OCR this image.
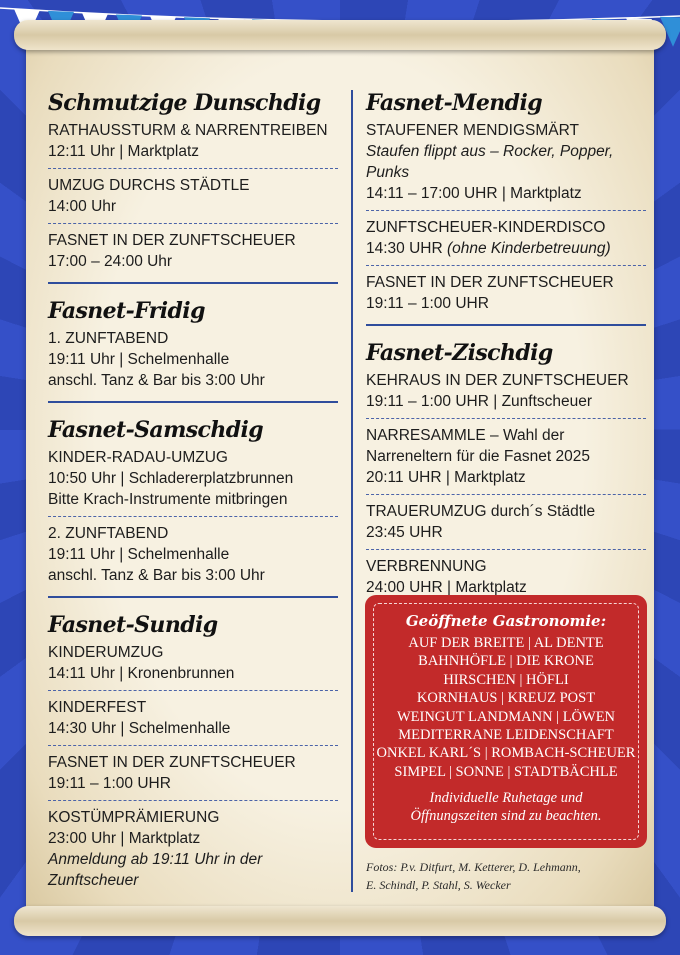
Schmutzige Dunschdig
RATHAUSSTURM & NARRENTREIBEN
12:11 Uhr | Marktplatz
UMZUG DURCHS STÄDTLE
14:00 Uhr
FASNET IN DER ZUNFTSCHEUER
17:00 – 24:00 Uhr
Fasnet-Fridig
1. ZUNFTABEND
19:11 Uhr | Schelmenhalle
anschl. Tanz & Bar bis 3:00 Uhr
Fasnet-Samschdig
KINDER-RADAU-UMZUG
10:50 Uhr | Schladererplatzbrunnen
Bitte Krach-Instrumente mitbringen
2. ZUNFTABEND
19:11 Uhr | Schelmenhalle
anschl. Tanz & Bar bis 3:00 Uhr
Fasnet-Sundig
KINDERUMZUG
14:11 Uhr | Kronenbrunnen
KINDERFEST
14:30 Uhr | Schelmenhalle
FASNET IN DER ZUNFTSCHEUER
19:11 – 1:00 UHR
KOSTÜMPRÄMIERUNG
23:00 Uhr | Marktplatz
Anmeldung ab 19:11 Uhr in der Zunftscheuer
Fasnet-Mendig
STAUFENER MENDIGSMÄRT
Staufen flippt aus – Rocker, Popper, Punks
14:11 – 17:00 UHR | Marktplatz
ZUNFTSCHEUER-KINDERDISCO
14:30 UHR (ohne Kinderbetreuung)
FASNET IN DER ZUNFTSCHEUER
19:11 – 1:00 UHR
Fasnet-Zischdig
KEHRAUS IN DER ZUNFTSCHEUER
19:11 – 1:00 UHR | Zunftscheuer
NARRESAMMLE – Wahl der
Narreneltern für die Fasnet 2025
20:11 UHR | Marktplatz
TRAUERUMZUG durch´s Städtle
23:45 UHR
VERBRENNUNG
24:00 UHR | Marktplatz
Geöffnete Gastronomie:
AUF DER BREITE | AL DENTE
BAHNHÖFLE | DIE KRONE
HIRSCHEN | HÖFLI
KORNHAUS | KREUZ POST
WEINGUT LANDMANN | LÖWEN
MEDITERRANE LEIDENSCHAFT
ONKEL KARL´S | ROMBACH-SCHEUER
SIMPEL | SONNE | STADTBÄCHLE
Individuelle Ruhetage und
Öffnungszeiten sind zu beachten.
Fotos: P.v. Ditfurt, M. Ketterer, D. Lehmann,
E. Schindl, P. Stahl, S. Wecker
